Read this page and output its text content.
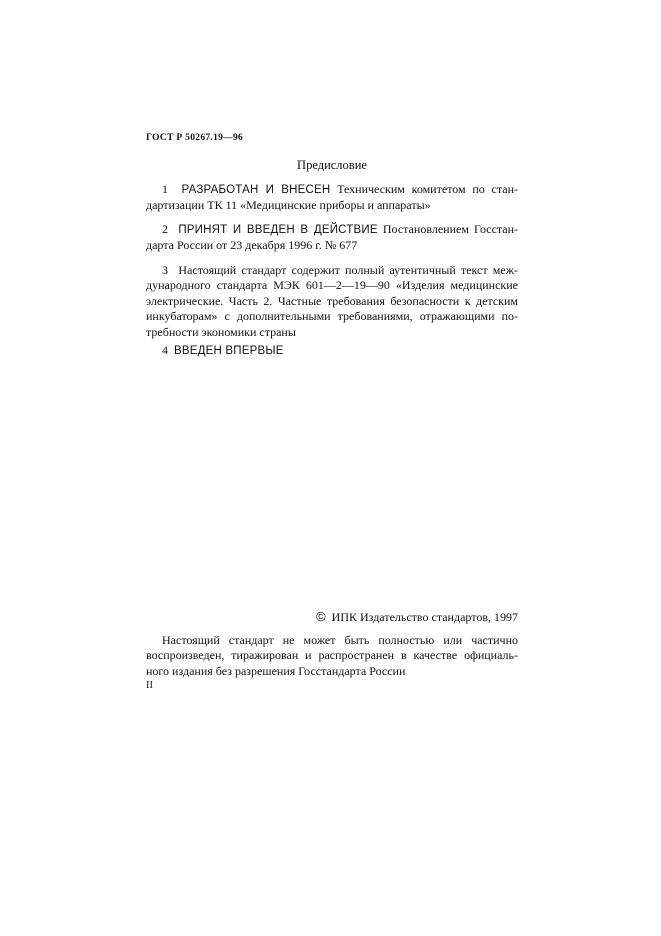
ГОСТ Р 50267.19—96
Предисловие
1 РАЗРАБОТАН И ВНЕСЕН Техническим комитетом по стан-
дартизации ТК 11 «Медицинские приборы и аппараты»
2 ПРИНЯТ И ВВЕДЕН В ДЕЙСТВИЕ Постановлением Госстан-
дарта России от 23 декабря 1996 г. № 677
3 Настоящий стандарт содержит полный аутентичный текст меж-
дународного стандарта МЭК 601—2—19—90 «Изделия медицинские
электрические. Часть 2. Частные требования безопасности к детским
инкубаторам» с дополнительными требованиями, отражающими по-
требности экономики страны
4 ВВЕДЕН ВПЕРВЫЕ
© ИПК Издательство стандартов, 1997
Настоящий стандарт не может быть полностью или частично
воспроизведен, тиражирован и распространен в качестве официаль-
ного издания без разрешения Госстандарта России
II
